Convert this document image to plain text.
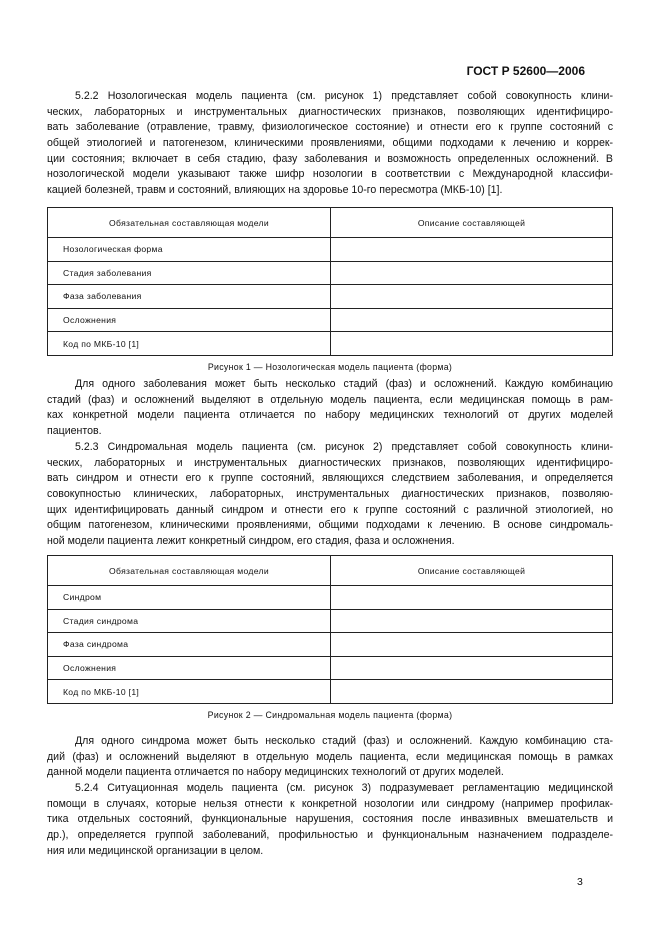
ГОСТ Р 52600—2006
5.2.2 Нозологическая модель пациента (см. рисунок 1) представляет собой совокупность клини-
ческих, лабораторных и инструментальных диагностических признаков, позволяющих идентифициро-
вать заболевание (отравление, травму, физиологическое состояние) и отнести его к группе состояний с
общей этиологией и патогенезом, клиническими проявлениями, общими подходами к лечению и коррек-
ции состояния; включает в себя стадию, фазу заболевания и возможность определенных осложнений. В
нозологической модели указывают также шифр нозологии в соответствии с Международной классифи-
кацией болезней, травм и состояний, влияющих на здоровье 10-го пересмотра (МКБ-10) [1].
Обязательная составляющая модели	Описание составляющей
Нозологическая форма	
Стадия заболевания	
Фаза заболевания	
Осложнения	
Код по МКБ-10 [1]	
Рисунок 1 — Нозологическая модель пациента (форма)
Для одного заболевания может быть несколько стадий (фаз) и осложнений. Каждую комбинацию
стадий (фаз) и осложнений выделяют в отдельную модель пациента, если медицинская помощь в рам-
ках конкретной модели пациента отличается по набору медицинских технологий от других моделей
пациентов.
5.2.3 Синдромальная модель пациента (см. рисунок 2) представляет собой совокупность клини-
ческих, лабораторных и инструментальных диагностических признаков, позволяющих идентифициро-
вать синдром и отнести его к группе состояний, являющихся следствием заболевания, и определяется
совокупностью клинических, лабораторных, инструментальных диагностических признаков, позволяю-
щих идентифицировать данный синдром и отнести его к группе состояний с различной этиологией, но
общим патогенезом, клиническими проявлениями, общими подходами к лечению. В основе синдромаль-
ной модели пациента лежит конкретный синдром, его стадия, фаза и осложнения.
Обязательная составляющая модели	Описание составляющей
Синдром	
Стадия синдрома	
Фаза синдрома	
Осложнения	
Код по МКБ-10 [1]	
Рисунок 2 — Синдромальная модель пациента (форма)
Для одного синдрома может быть несколько стадий (фаз) и осложнений. Каждую комбинацию ста-
дий (фаз) и осложнений выделяют в отдельную модель пациента, если медицинская помощь в рамках
данной модели пациента отличается по набору медицинских технологий от других моделей.
5.2.4 Ситуационная модель пациента (см. рисунок 3) подразумевает регламентацию медицинской
помощи в случаях, которые нельзя отнести к конкретной нозологии или синдрому (например профилак-
тика отдельных состояний, функциональные нарушения, состояния после инвазивных вмешательств и
др.), определяется группой заболеваний, профильностью и функциональным назначением подразделе-
ния или медицинской организации в целом.
3
